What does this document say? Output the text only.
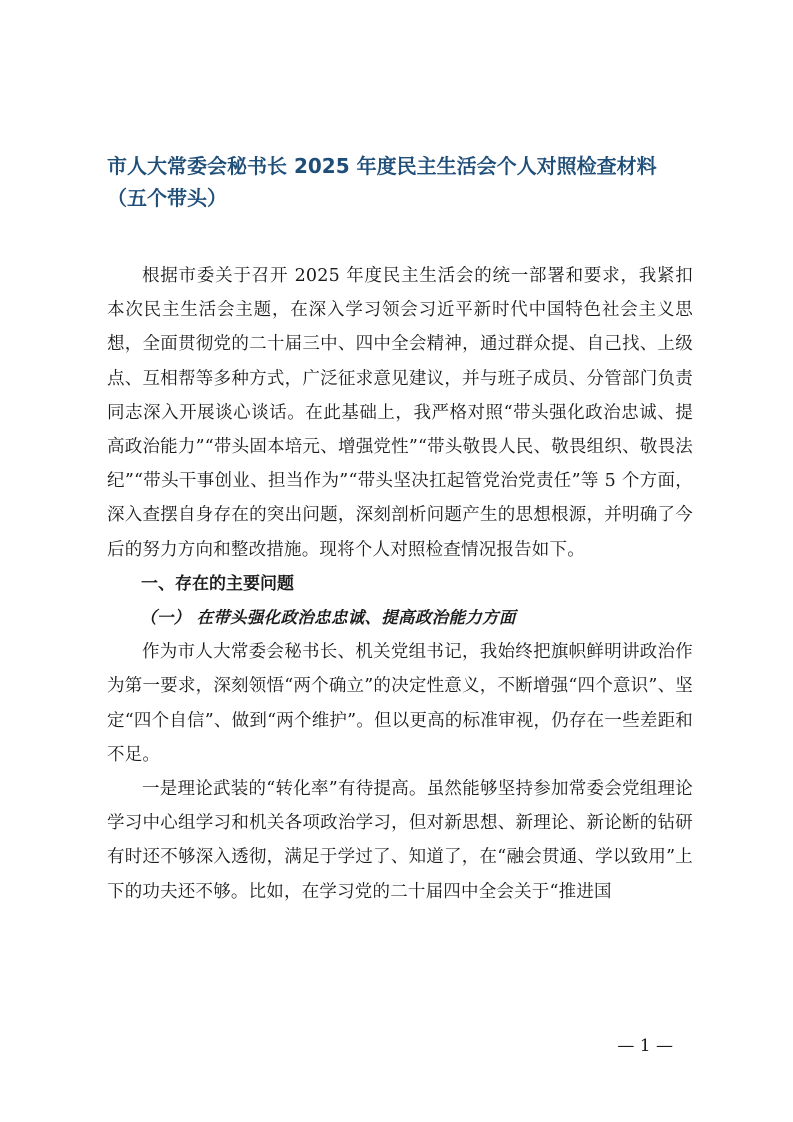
市人大常委会秘书长 2025 年度民主生活会个人对照检查材料（五个带头）

根据市委关于召开 2025 年度民主生活会的统一部署和要求，我紧扣本次民主生活会主题，在深入学习领会习近平新时代中国特色社会主义思想，全面贯彻党的二十届三中、四中全会精神，通过群众提、自己找、上级点、互相帮等多种方式，广泛征求意见建议，并与班子成员、分管部门负责同志深入开展谈心谈话。在此基础上，我严格对照“带头强化政治忠诚、提高政治能力”“带头固本培元、增强党性”“带头敬畏人民、敬畏组织、敬畏法纪”“带头干事创业、担当作为”“带头坚决扛起管党治党责任”等 5 个方面，深入查摆自身存在的突出问题，深刻剖析问题产生的思想根源，并明确了今后的努力方向和整改措施。现将个人对照检查情况报告如下。

一、存在的主要问题

（一） 在带头强化政治忠忠诚、提高政治能力方面

作为市人大常委会秘书长、机关党组书记，我始终把旗帜鲜明讲政治作为第一要求，深刻领悟“两个确立”的决定性意义，不断增强“四个意识”、坚定“四个自信”、做到“两个维护”。但以更高的标准审视，仍存在一些差距和不足。

一是理论武装的“转化率”有待提高。虽然能够坚持参加常委会党组理论学习中心组学习和机关各项政治学习，但对新思想、新理论、新论断的钻研有时还不够深入透彻，满足于学过了、知道了，在“融会贯通、学以致用”上下的功夫还不够。比如，在学习党的二十届四中全会关于“推进国

— 1 —
